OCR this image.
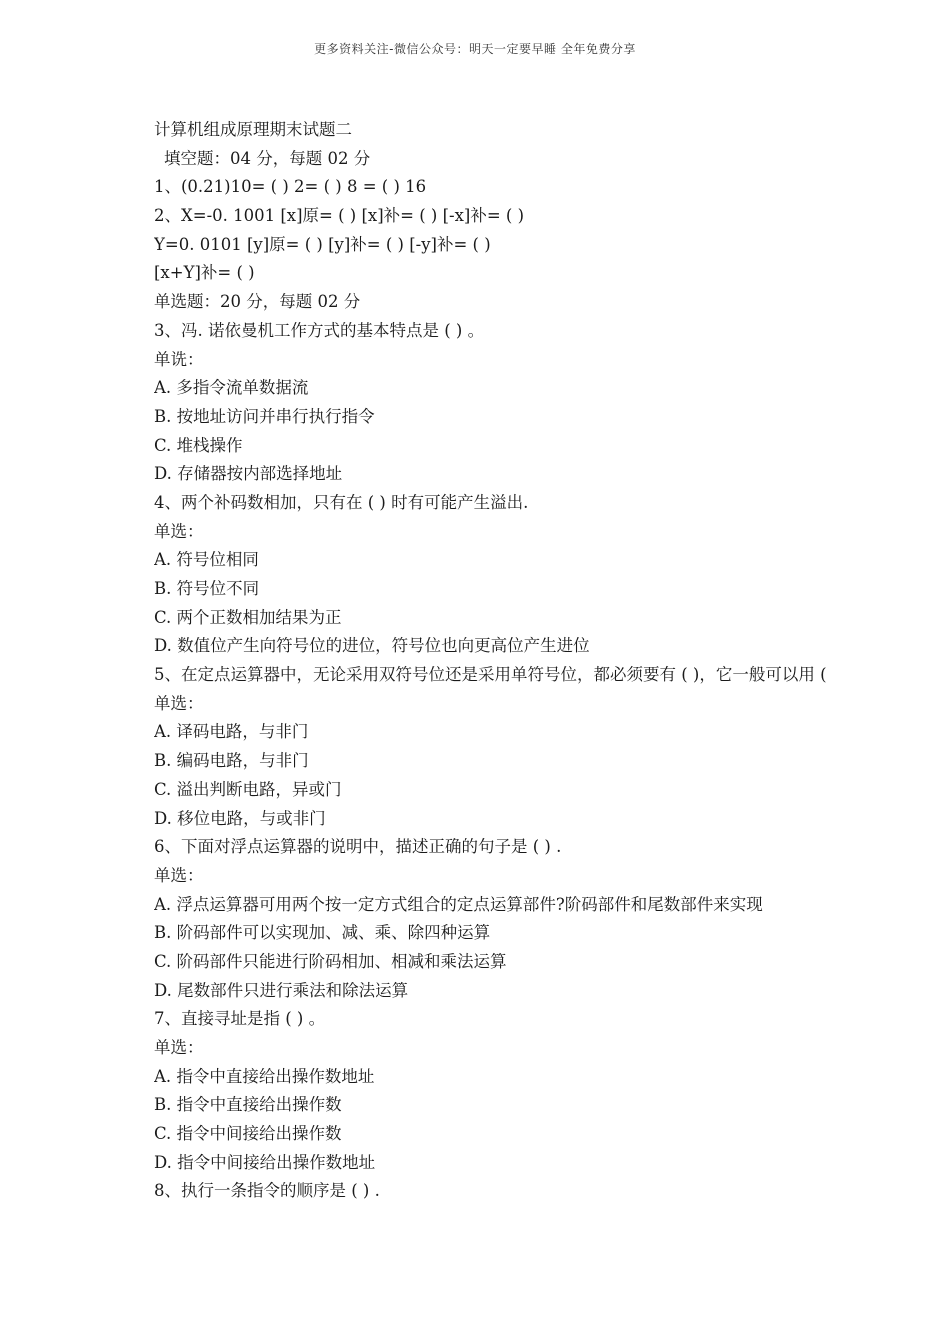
更多资料关注-微信公众号：明天一定要早睡 全年免费分享
计算机组成原理期末试题二
填空题：04 分，每题 02 分
1、(0.21)10= ( ) 2= ( ) 8 = ( ) 16
2、X=-0. 1001 [x]原= ( ) [x]补= ( ) [-x]补= ( )
Y=0. 0101 [y]原= ( ) [y]补= ( ) [-y]补= ( )
[x+Y]补= ( )
单选题：20 分，每题 02 分
3、冯. 诺依曼机工作方式的基本特点是 ( ) 。
单诜：
A. 多指令流单数据流
B. 按地址访问并串行执行指令
C. 堆栈操作
D. 存储器按内部选择地址
4、两个补码数相加，只有在 ( ) 时有可能产生溢出.
单选：
A. 符号位相同
B. 符号位不同
C. 两个正数相加结果为正
D. 数值位产生向符号位的进位，符号位也向更高位产生进位
5、在定点运算器中，无论采用双符号位还是采用单符号位，都必须要有 ( )，它一般可以用 (
单选：
A. 译码电路，与非门
B. 编码电路，与非门
C. 溢出判断电路，异或门
D. 移位电路，与或非门
6、下面对浮点运算器的说明中，描述正确的句子是 ( ) .
单选：
A. 浮点运算器可用两个按一定方式组合的定点运算部件?阶码部件和尾数部件来实现
B. 阶码部件可以实现加、减、乘、除四种运算
C. 阶码部件只能进行阶码相加、相减和乘法运算
D. 尾数部件只进行乘法和除法运算
7、直接寻址是指 ( ) 。
单选：
A. 指令中直接给出操作数地址
B. 指令中直接给出操作数
C. 指令中间接给出操作数
D. 指令中间接给出操作数地址
8、执行一条指令的顺序是 ( ) .
